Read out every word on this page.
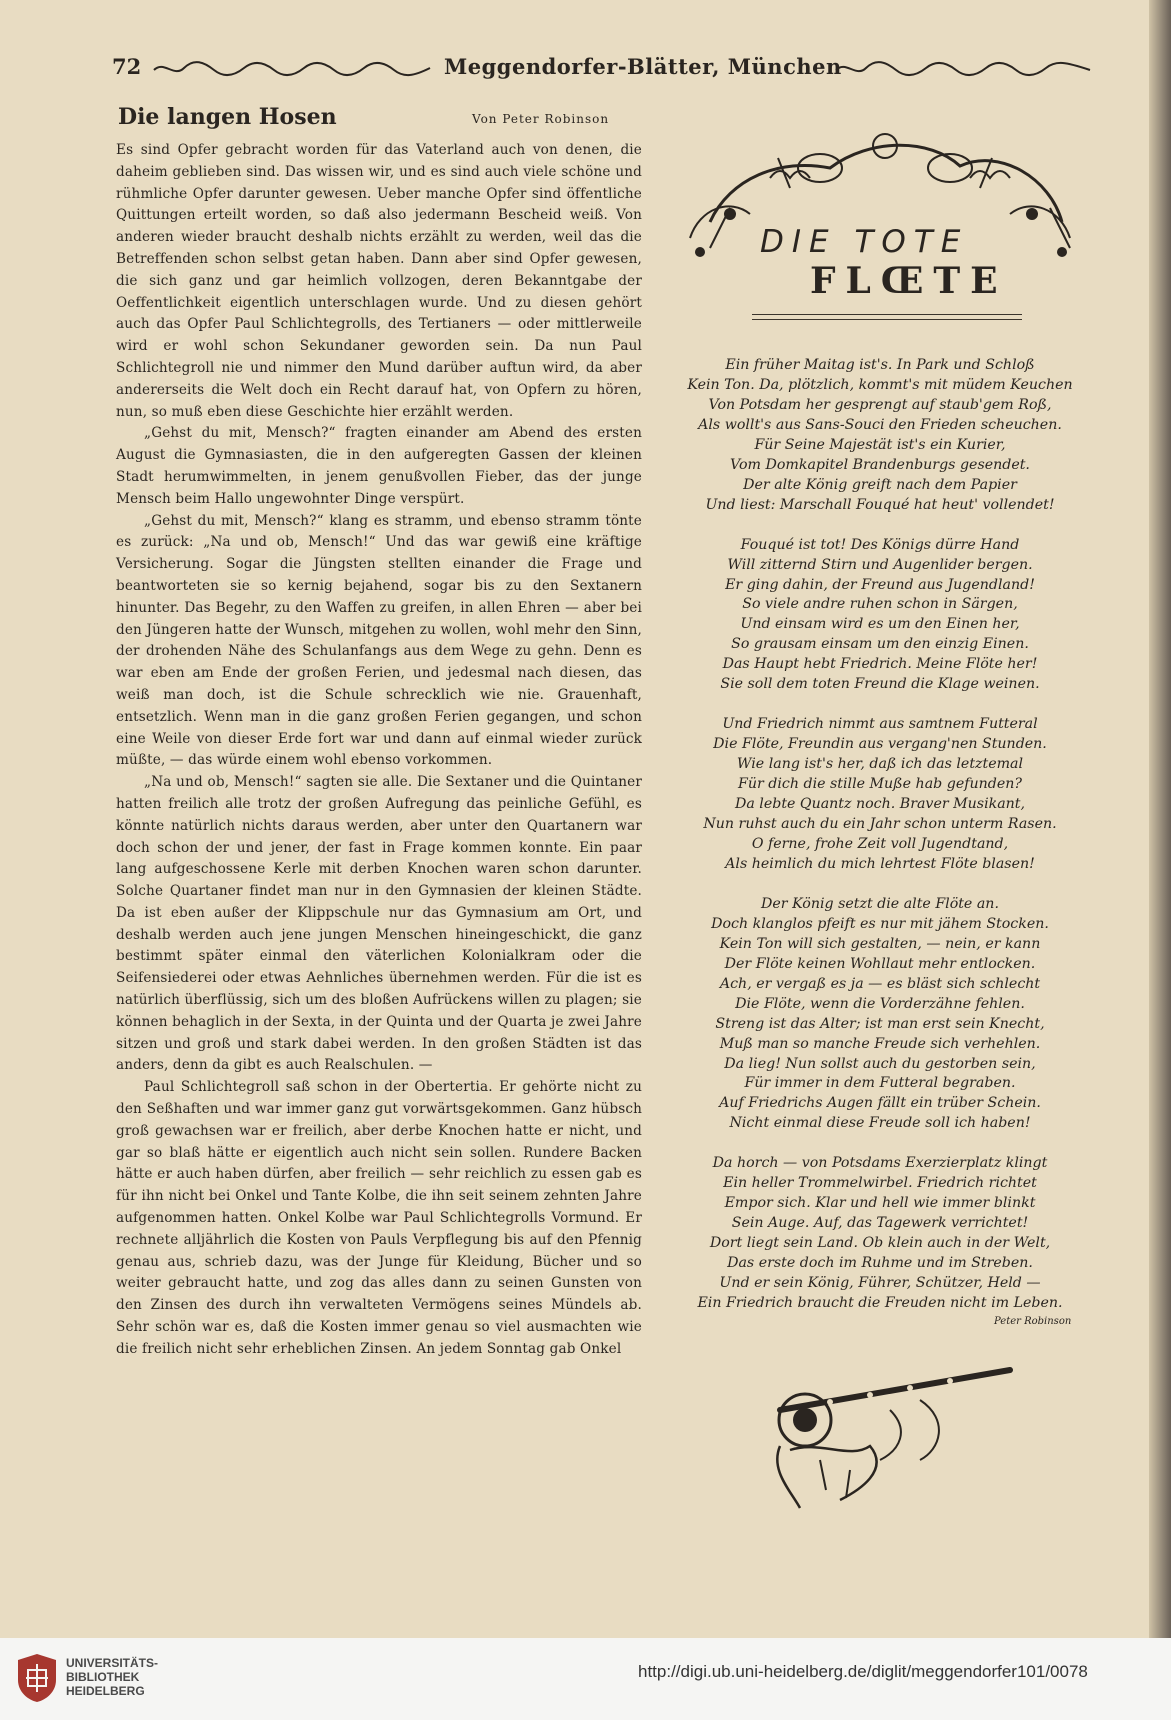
72	Meggendorfer-Blätter, München
Die langen Hosen	Von Peter Robinson

Es sind Opfer gebracht worden für das Vaterland auch von denen, die daheim geblieben sind. Das wissen wir, und es sind auch viele schöne und rühmliche Opfer darunter gewesen. Ueber manche Opfer sind öffentliche Quittungen erteilt worden, so daß also jedermann Bescheid weiß. Von anderen wieder braucht deshalb nichts erzählt zu werden, weil das die Betreffenden schon selbst getan haben. Dann aber sind Opfer gewesen, die sich ganz und gar heimlich vollzogen, deren Bekanntgabe der Oeffentlichkeit eigentlich unterschlagen wurde. Und zu diesen gehört auch das Opfer Paul Schlichtegrolls, des Tertianers — oder mittlerweile wird er wohl schon Sekundaner geworden sein. Da nun Paul Schlichtegroll nie und nimmer den Mund darüber auftun wird, da aber andererseits die Welt doch ein Recht darauf hat, von Opfern zu hören, nun, so muß eben diese Geschichte hier erzählt werden.

„Gehst du mit, Mensch?“ fragten einander am Abend des ersten August die Gymnasiasten, die in den aufgeregten Gassen der kleinen Stadt herumwimmelten, in jenem genußvollen Fieber, das der junge Mensch beim Hallo ungewohnter Dinge verspürt.

„Gehst du mit, Mensch?“ klang es stramm, und ebenso stramm tönte es zurück: „Na und ob, Mensch!“ Und das war gewiß eine kräftige Versicherung. Sogar die Jüngsten stellten einander die Frage und beantworteten sie so kernig bejahend, sogar bis zu den Sextanern hinunter. Das Begehr, zu den Waffen zu greifen, in allen Ehren — aber bei den Jüngeren hatte der Wunsch, mitgehen zu wollen, wohl mehr den Sinn, der drohenden Nähe des Schulanfangs aus dem Wege zu gehn. Denn es war eben am Ende der großen Ferien, und jedesmal nach diesen, das weiß man doch, ist die Schule schrecklich wie nie. Grauenhaft, entsetzlich. Wenn man in die ganz großen Ferien gegangen, und schon eine Weile von dieser Erde fort war und dann auf einmal wieder zurück müßte, — das würde einem wohl ebenso vorkommen.

„Na und ob, Mensch!“ sagten sie alle. Die Sextaner und die Quintaner hatten freilich alle trotz der großen Aufregung das peinliche Gefühl, es könnte natürlich nichts daraus werden, aber unter den Quartanern war doch schon der und jener, der fast in Frage kommen konnte. Ein paar lang aufgeschossene Kerle mit derben Knochen waren schon darunter. Solche Quartaner findet man nur in den Gymnasien der kleinen Städte. Da ist eben außer der Klippschule nur das Gymnasium am Ort, und deshalb werden auch jene jungen Menschen hineingeschickt, die ganz bestimmt später einmal den väterlichen Kolonialkram oder die Seifensiederei oder etwas Aehnliches übernehmen werden. Für die ist es natürlich überflüssig, sich um des bloßen Aufrückens willen zu plagen; sie können behaglich in der Sexta, in der Quinta und der Quarta je zwei Jahre sitzen und groß und stark dabei werden. In den großen Städten ist das anders, denn da gibt es auch Realschulen. —

Paul Schlichtegroll saß schon in der Obertertia. Er gehörte nicht zu den Seßhaften und war immer ganz gut vorwärtsgekommen. Ganz hübsch groß gewachsen war er freilich, aber derbe Knochen hatte er nicht, und gar so blaß hätte er eigentlich auch nicht sein sollen. Rundere Backen hätte er auch haben dürfen, aber freilich — sehr reichlich zu essen gab es für ihn nicht bei Onkel und Tante Kolbe, die ihn seit seinem zehnten Jahre aufgenommen hatten. Onkel Kolbe war Paul Schlichtegrolls Vormund. Er rechnete alljährlich die Kosten von Pauls Verpflegung bis auf den Pfennig genau aus, schrieb dazu, was der Junge für Kleidung, Bücher und so weiter gebraucht hatte, und zog das alles dann zu seinen Gunsten von den Zinsen des durch ihn verwalteten Vermögens seines Mündels ab. Sehr schön war es, daß die Kosten immer genau so viel ausmachten wie die freilich nicht sehr erheblichen Zinsen. An jedem Sonntag gab Onkel

DIE TOTE
FLŒTE
Ein früher Maitag ist's. In Park und Schloß
Kein Ton. Da, plötzlich, kommt's mit müdem Keuchen
Von Potsdam her gesprengt auf staub'gem Roß,
Als wollt's aus Sans-Souci den Frieden scheuchen.
Für Seine Majestät ist's ein Kurier,
Vom Domkapitel Brandenburgs gesendet.
Der alte König greift nach dem Papier
Und liest: Marschall Fouqué hat heut' vollendet!
Fouqué ist tot! Des Königs dürre Hand
Will zitternd Stirn und Augenlider bergen.
Er ging dahin, der Freund aus Jugendland!
So viele andre ruhen schon in Särgen,
Und einsam wird es um den Einen her,
So grausam einsam um den einzig Einen.
Das Haupt hebt Friedrich. Meine Flöte her!
Sie soll dem toten Freund die Klage weinen.
Und Friedrich nimmt aus samtnem Futteral
Die Flöte, Freundin aus vergang'nen Stunden.
Wie lang ist's her, daß ich das letztemal
Für dich die stille Muße hab gefunden?
Da lebte Quantz noch. Braver Musikant,
Nun ruhst auch du ein Jahr schon unterm Rasen.
O ferne, frohe Zeit voll Jugendtand,
Als heimlich du mich lehrtest Flöte blasen!
Der König setzt die alte Flöte an.
Doch klanglos pfeift es nur mit jähem Stocken.
Kein Ton will sich gestalten, — nein, er kann
Der Flöte keinen Wohllaut mehr entlocken.
Ach, er vergaß es ja — es bläst sich schlecht
Die Flöte, wenn die Vorderzähne fehlen.
Streng ist das Alter; ist man erst sein Knecht,
Muß man so manche Freude sich verhehlen.
Da lieg! Nun sollst auch du gestorben sein,
Für immer in dem Futteral begraben.
Auf Friedrichs Augen fällt ein trüber Schein.
Nicht einmal diese Freude soll ich haben!
Da horch — von Potsdams Exerzierplatz klingt
Ein heller Trommelwirbel. Friedrich richtet
Empor sich. Klar und hell wie immer blinkt
Sein Auge. Auf, das Tagewerk verrichtet!
Dort liegt sein Land. Ob klein auch in der Welt,
Das erste doch im Ruhme und im Streben.
Und er sein König, Führer, Schützer, Held —
Ein Friedrich braucht die Freuden nicht im Leben.
Peter Robinson
UNIVERSITÄTS-
BIBLIOTHEK
HEIDELBERG
http://digi.ub.uni-heidelberg.de/diglit/meggendorfer101/0078
